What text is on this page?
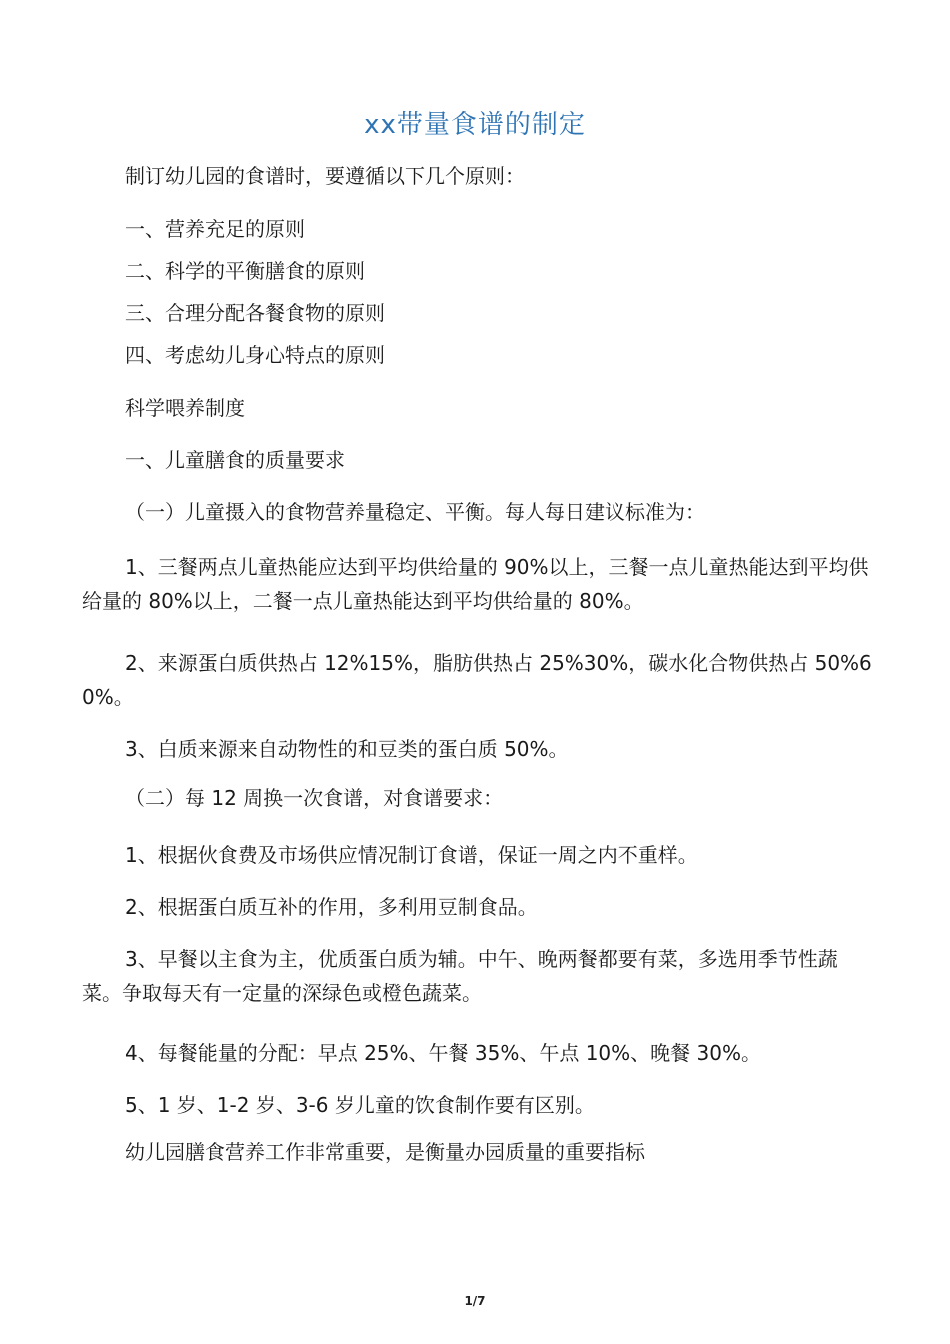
xx带量食谱的制定

制订幼儿园的食谱时，要遵循以下几个原则：

一、营养充足的原则

二、科学的平衡膳食的原则

三、合理分配各餐食物的原则

四、考虑幼儿身心特点的原则

科学喂养制度

一、儿童膳食的质量要求

（一）儿童摄入的食物营养量稳定、平衡。每人每日建议标准为：

1、三餐两点儿童热能应达到平均供给量的 90%以上，三餐一点儿童热能达到平均供给量的 80%以上，二餐一点儿童热能达到平均供给量的 80%。

2、来源蛋白质供热占 12%15%，脂肪供热占 25%30%，碳水化合物供热占 50%60%。

3、白质来源来自动物性的和豆类的蛋白质 50%。

（二）每 12 周换一次食谱，对食谱要求：

1、根据伙食费及市场供应情况制订食谱，保证一周之内不重样。

2、根据蛋白质互补的作用，多利用豆制食品。

3、早餐以主食为主，优质蛋白质为辅。中午、晚两餐都要有菜，多选用季节性蔬菜。争取每天有一定量的深绿色或橙色蔬菜。

4、每餐能量的分配：早点 25%、午餐 35%、午点 10%、晚餐 30%。

5、1 岁、1-2 岁、3-6 岁儿童的饮食制作要有区别。

幼儿园膳食营养工作非常重要，是衡量办园质量的重要指标

1/7
